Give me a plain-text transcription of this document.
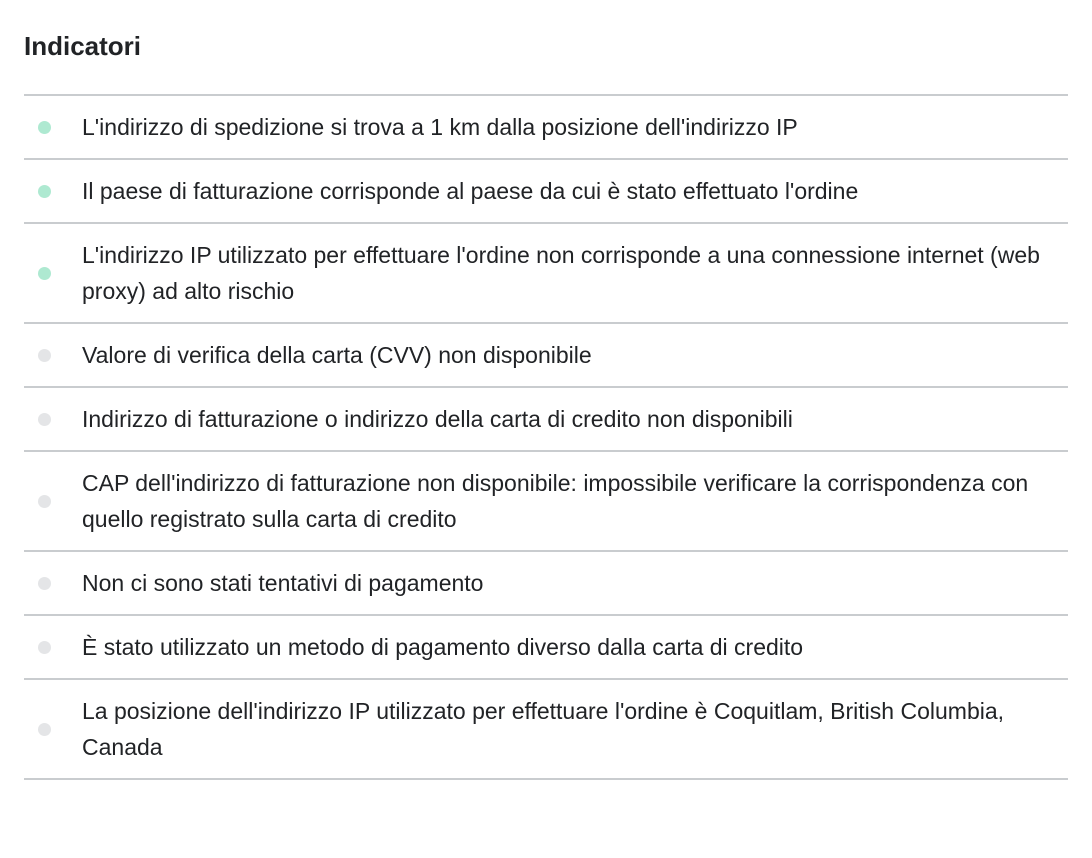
Indicatori
L'indirizzo di spedizione si trova a 1 km dalla posizione dell'indirizzo IP
Il paese di fatturazione corrisponde al paese da cui è stato effettuato l'ordine
L'indirizzo IP utilizzato per effettuare l'ordine non corrisponde a una connessione internet (web proxy) ad alto rischio
Valore di verifica della carta (CVV) non disponibile
Indirizzo di fatturazione o indirizzo della carta di credito non disponibili
CAP dell'indirizzo di fatturazione non disponibile: impossibile verificare la corrispondenza con quello registrato sulla carta di credito
Non ci sono stati tentativi di pagamento
È stato utilizzato un metodo di pagamento diverso dalla carta di credito
La posizione dell'indirizzo IP utilizzato per effettuare l'ordine è Coquitlam, British Columbia, Canada
